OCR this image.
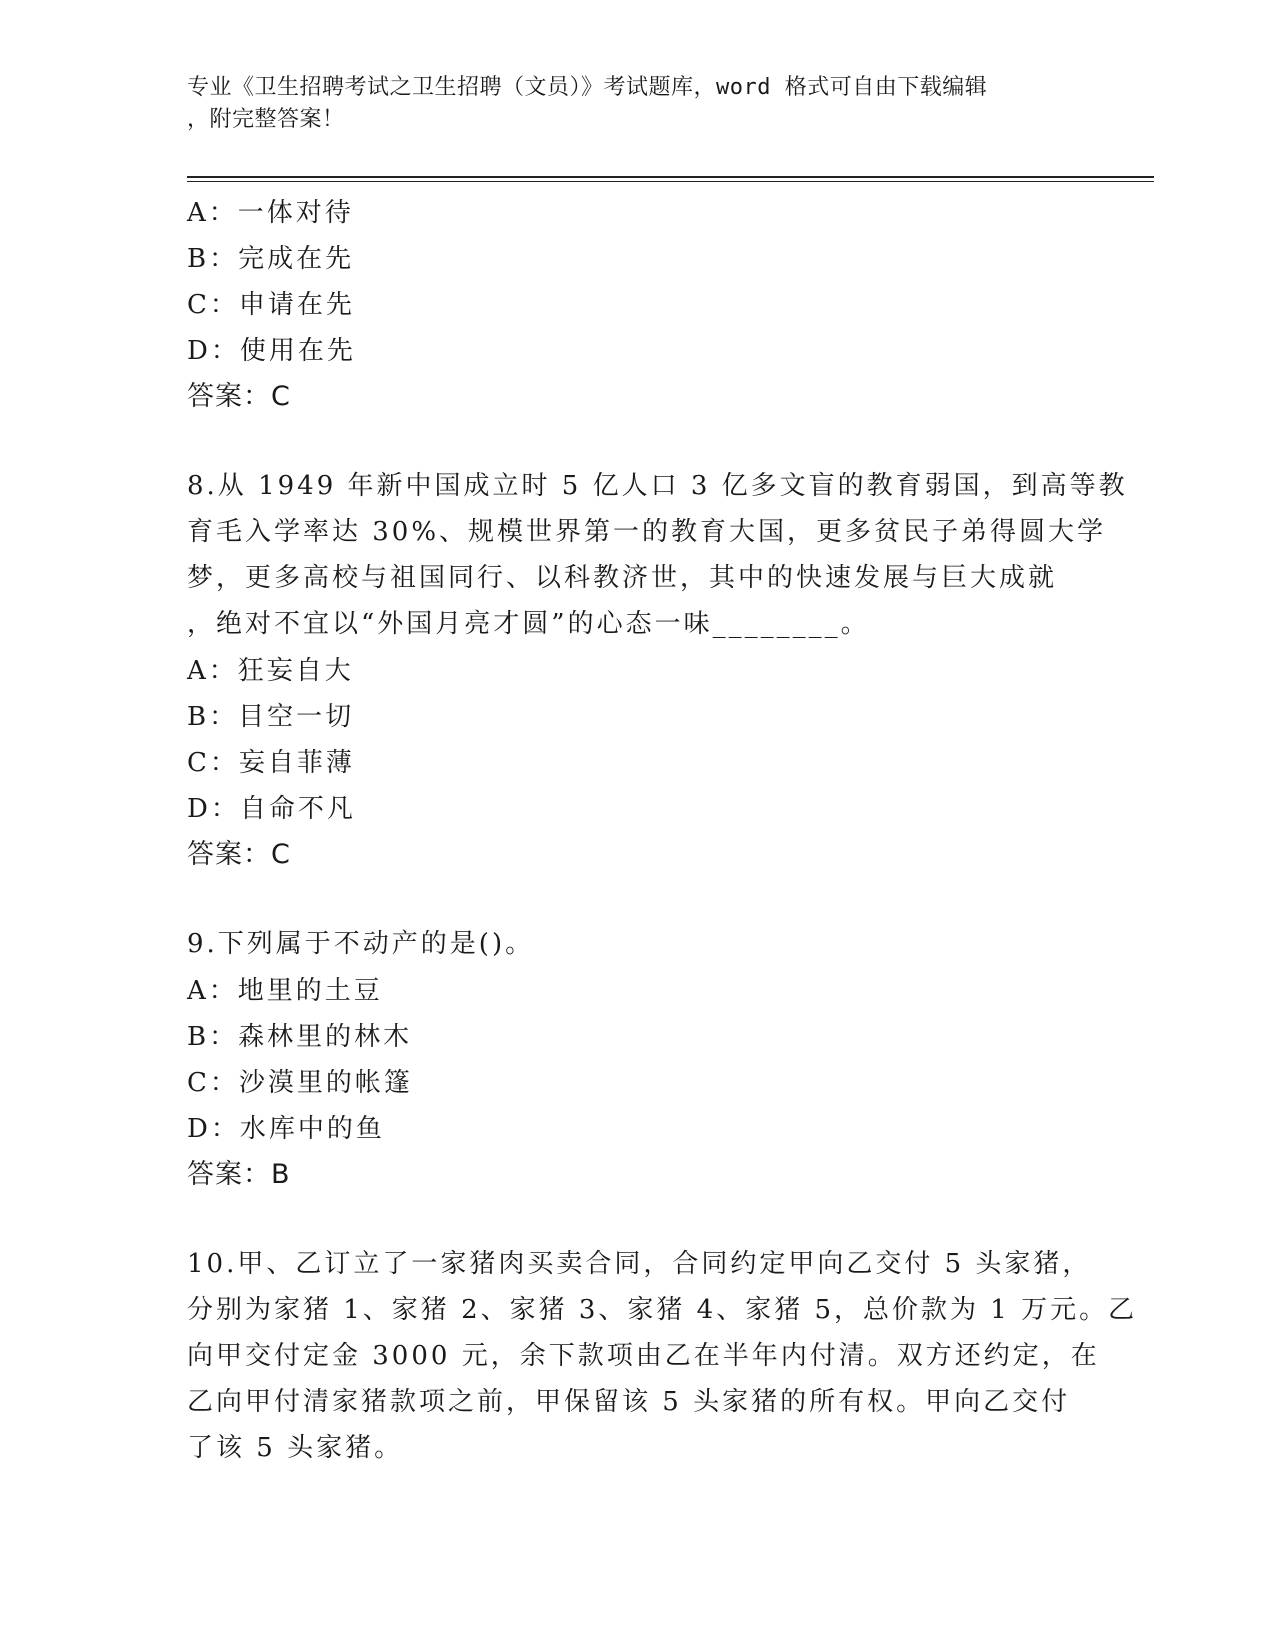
专业《卫生招聘考试之卫生招聘（文员）》考试题库，word 格式可自由下载编辑
，附完整答案！
A：一体对待
B：完成在先
C：申请在先
D：使用在先
答案：C
8.从 1949 年新中国成立时 5 亿人口 3 亿多文盲的教育弱国，到高等教
育毛入学率达 30%、规模世界第一的教育大国，更多贫民子弟得圆大学
梦，更多高校与祖国同行、以科教济世，其中的快速发展与巨大成就
，绝对不宜以“外国月亮才圆”的心态一味________。
A：狂妄自大
B：目空一切
C：妄自菲薄
D：自命不凡
答案：C
9.下列属于不动产的是()。
A：地里的土豆
B：森林里的林木
C：沙漠里的帐篷
D：水库中的鱼
答案：B
10.甲、乙订立了一家猪肉买卖合同，合同约定甲向乙交付 5 头家猪，
分别为家猪 1、家猪 2、家猪 3、家猪 4、家猪 5，总价款为 1 万元。乙
向甲交付定金 3000 元，余下款项由乙在半年内付清。双方还约定，在
乙向甲付清家猪款项之前，甲保留该 5 头家猪的所有权。甲向乙交付
了该 5 头家猪。
